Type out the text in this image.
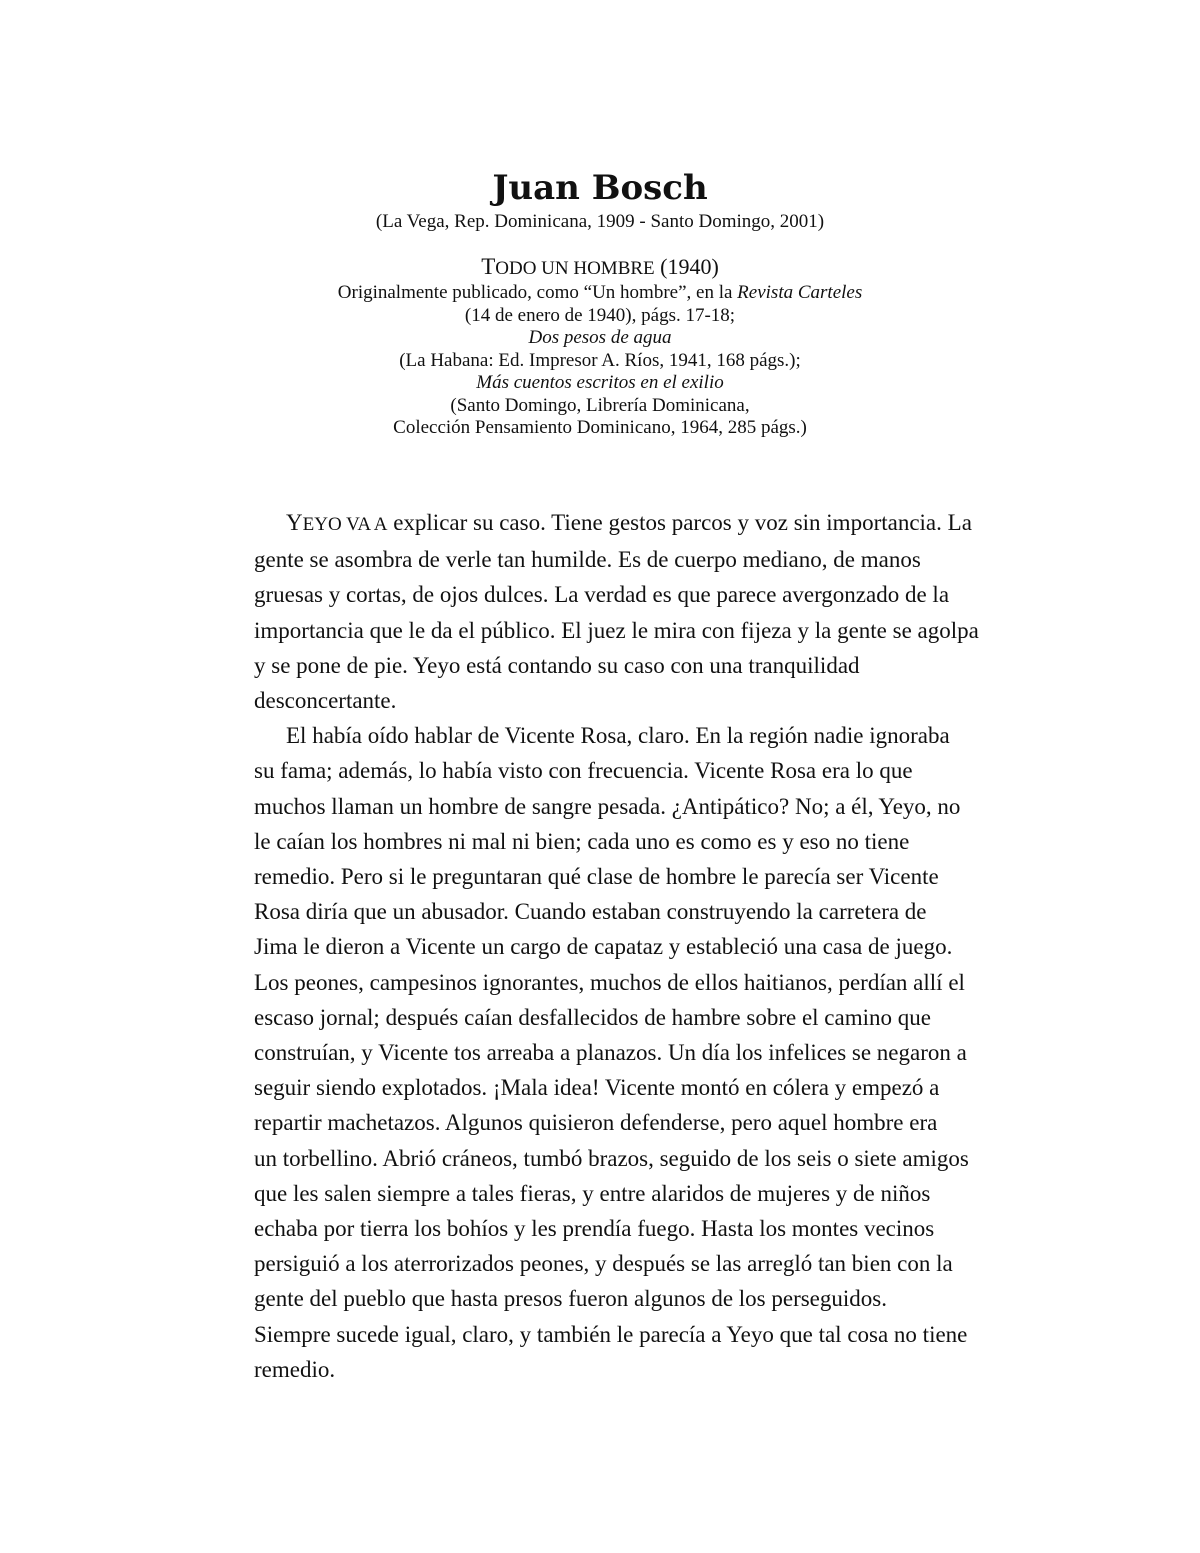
Juan Bosch

(La Vega, Rep. Dominicana, 1909 - Santo Domingo, 2001)

TODO UN HOMBRE (1940)
Originalmente publicado, como “Un hombre”, en la Revista Carteles
(14 de enero de 1940), págs. 17-18;
Dos pesos de agua
(La Habana: Ed. Impresor A. Ríos, 1941, 168 págs.);
Más cuentos escritos en el exilio
(Santo Domingo, Librería Dominicana,
Colección Pensamiento Dominicano, 1964, 285 págs.)
YEYO VA A explicar su caso. Tiene gestos parcos y voz sin importancia. La
gente se asombra de verle tan humilde. Es de cuerpo mediano, de manos
gruesas y cortas, de ojos dulces. La verdad es que parece avergonzado de la
importancia que le da el público. El juez le mira con fijeza y la gente se agolpa
y se pone de pie. Yeyo está contando su caso con una tranquilidad
desconcertante.
El había oído hablar de Vicente Rosa, claro. En la región nadie ignoraba
su fama; además, lo había visto con frecuencia. Vicente Rosa era lo que
muchos llaman un hombre de sangre pesada. ¿Antipático? No; a él, Yeyo, no
le caían los hombres ni mal ni bien; cada uno es como es y eso no tiene
remedio. Pero si le preguntaran qué clase de hombre le parecía ser Vicente
Rosa diría que un abusador. Cuando estaban construyendo la carretera de
Jima le dieron a Vicente un cargo de capataz y estableció una casa de juego.
Los peones, campesinos ignorantes, muchos de ellos haitianos, perdían allí el
escaso jornal; después caían desfallecidos de hambre sobre el camino que
construían, y Vicente tos arreaba a planazos. Un día los infelices se negaron a
seguir siendo explotados. ¡Mala idea! Vicente montó en cólera y empezó a
repartir machetazos. Algunos quisieron defenderse, pero aquel hombre era
un torbellino. Abrió cráneos, tumbó brazos, seguido de los seis o siete amigos
que les salen siempre a tales fieras, y entre alaridos de mujeres y de niños
echaba por tierra los bohíos y les prendía fuego. Hasta los montes vecinos
persiguió a los aterrorizados peones, y después se las arregló tan bien con la
gente del pueblo que hasta presos fueron algunos de los perseguidos.
Siempre sucede igual, claro, y también le parecía a Yeyo que tal cosa no tiene
remedio.
